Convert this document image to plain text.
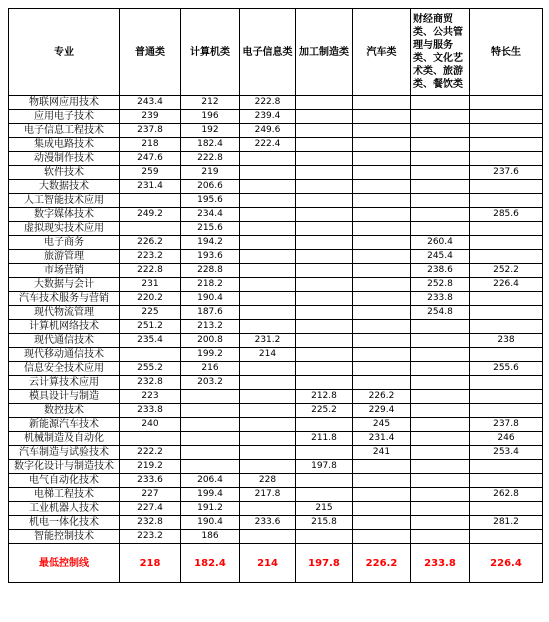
专业	普通类	计算机类	电子信息类	加工制造类	汽车类	财经商贸类、公共管理与服务类、文化艺术类、旅游类、餐饮类	特长生
物联网应用技术	243.4	212	222.8				
应用电子技术	239	196	239.4				
电子信息工程技术	237.8	192	249.6				
集成电路技术	218	182.4	222.4				
动漫制作技术	247.6	222.8					
软件技术	259	219					237.6
大数据技术	231.4	206.6					
人工智能技术应用		195.6					
数字媒体技术	249.2	234.4					285.6
虚拟现实技术应用		215.6					
电子商务	226.2	194.2				260.4	
旅游管理	223.2	193.6				245.4	
市场营销	222.8	228.8				238.6	252.2
大数据与会计	231	218.2				252.8	226.4
汽车技术服务与营销	220.2	190.4				233.8	
现代物流管理	225	187.6				254.8	
计算机网络技术	251.2	213.2					
现代通信技术	235.4	200.8	231.2				238
现代移动通信技术		199.2	214				
信息安全技术应用	255.2	216					255.6
云计算技术应用	232.8	203.2					
模具设计与制造	223			212.8	226.2		
数控技术	233.8			225.2	229.4		
新能源汽车技术	240				245		237.8
机械制造及自动化				211.8	231.4		246
汽车制造与试验技术	222.2				241		253.4
数字化设计与制造技术	219.2			197.8			
电气自动化技术	233.6	206.4	228				
电梯工程技术	227	199.4	217.8				262.8
工业机器人技术	227.4	191.2		215			
机电一体化技术	232.8	190.4	233.6	215.8			281.2
智能控制技术	223.2	186					
最低控制线	218	182.4	214	197.8	226.2	233.8	226.4
